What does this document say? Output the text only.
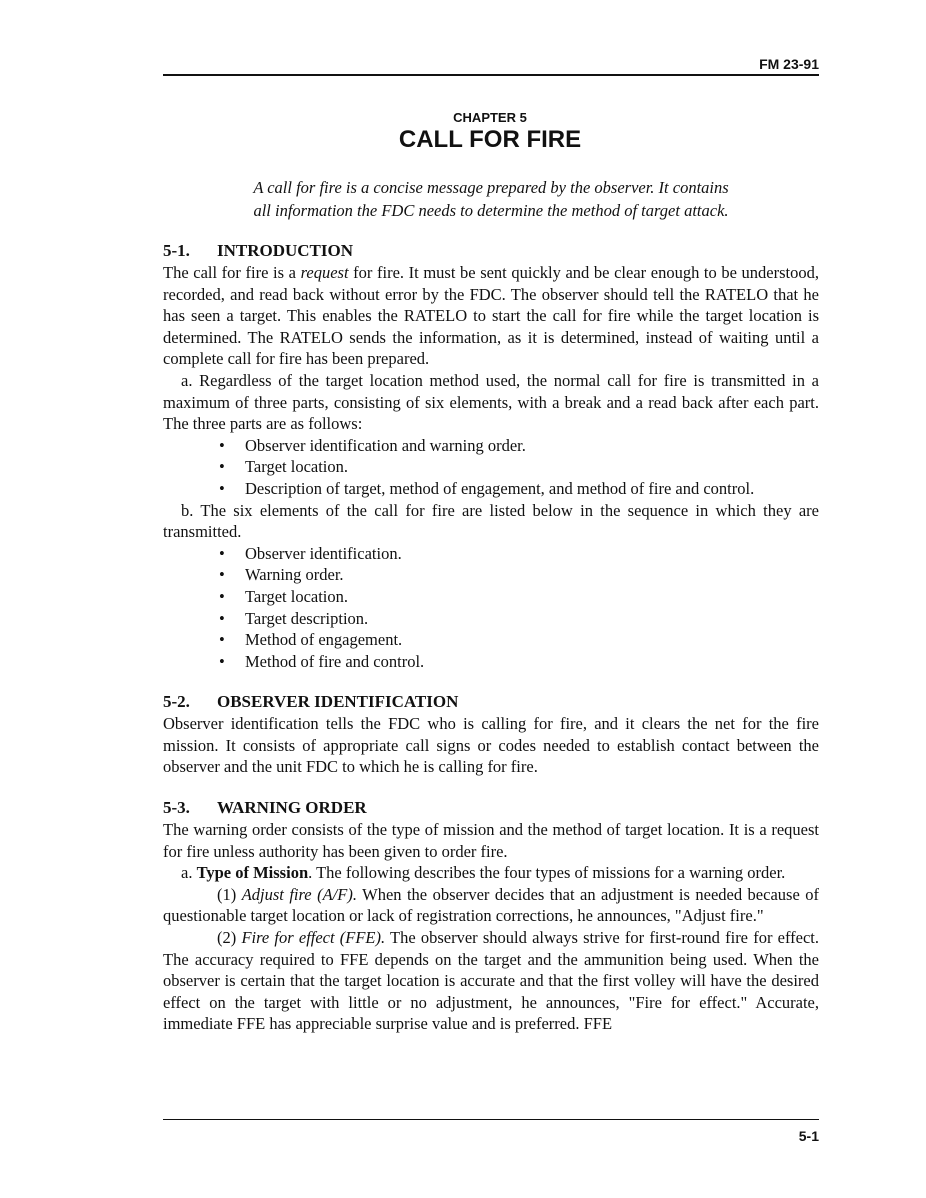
FM 23-91
CHAPTER 5
CALL FOR FIRE
A call for fire is a concise message prepared by the observer. It contains
all information the FDC needs to determine the method of target attack.
5-1. INTRODUCTION

The call for fire is a request for fire. It must be sent quickly and be clear enough to be understood, recorded, and read back without error by the FDC. The observer should tell the RATELO that he has seen a target. This enables the RATELO to start the call for fire while the target location is determined. The RATELO sends the information, as it is determined, instead of waiting until a complete call for fire has been prepared.

a. Regardless of the target location method used, the normal call for fire is transmitted in a maximum of three parts, consisting of six elements, with a break and a read back after each part. The three parts are as follows:

• Observer identification and warning order.
• Target location.
• Description of target, method of engagement, and method of fire and control.

b. The six elements of the call for fire are listed below in the sequence in which they are transmitted.

• Observer identification.
• Warning order.
• Target location.
• Target description.
• Method of engagement.
• Method of fire and control.
5-2. OBSERVER IDENTIFICATION

Observer identification tells the FDC who is calling for fire, and it clears the net for the fire mission. It consists of appropriate call signs or codes needed to establish contact between the observer and the unit FDC to which he is calling for fire.

5-3. WARNING ORDER

The warning order consists of the type of mission and the method of target location. It is a request for fire unless authority has been given to order fire.

a. Type of Mission. The following describes the four types of missions for a warning order.

(1) Adjust fire (A/F). When the observer decides that an adjustment is needed because of questionable target location or lack of registration corrections, he announces, "Adjust fire."

(2) Fire for effect (FFE). The observer should always strive for first-round fire for effect. The accuracy required to FFE depends on the target and the ammunition being used. When the observer is certain that the target location is accurate and that the first volley will have the desired effect on the target with little or no adjustment, he announces, "Fire for effect." Accurate, immediate FFE has appreciable surprise value and is preferred. FFE

5-1
